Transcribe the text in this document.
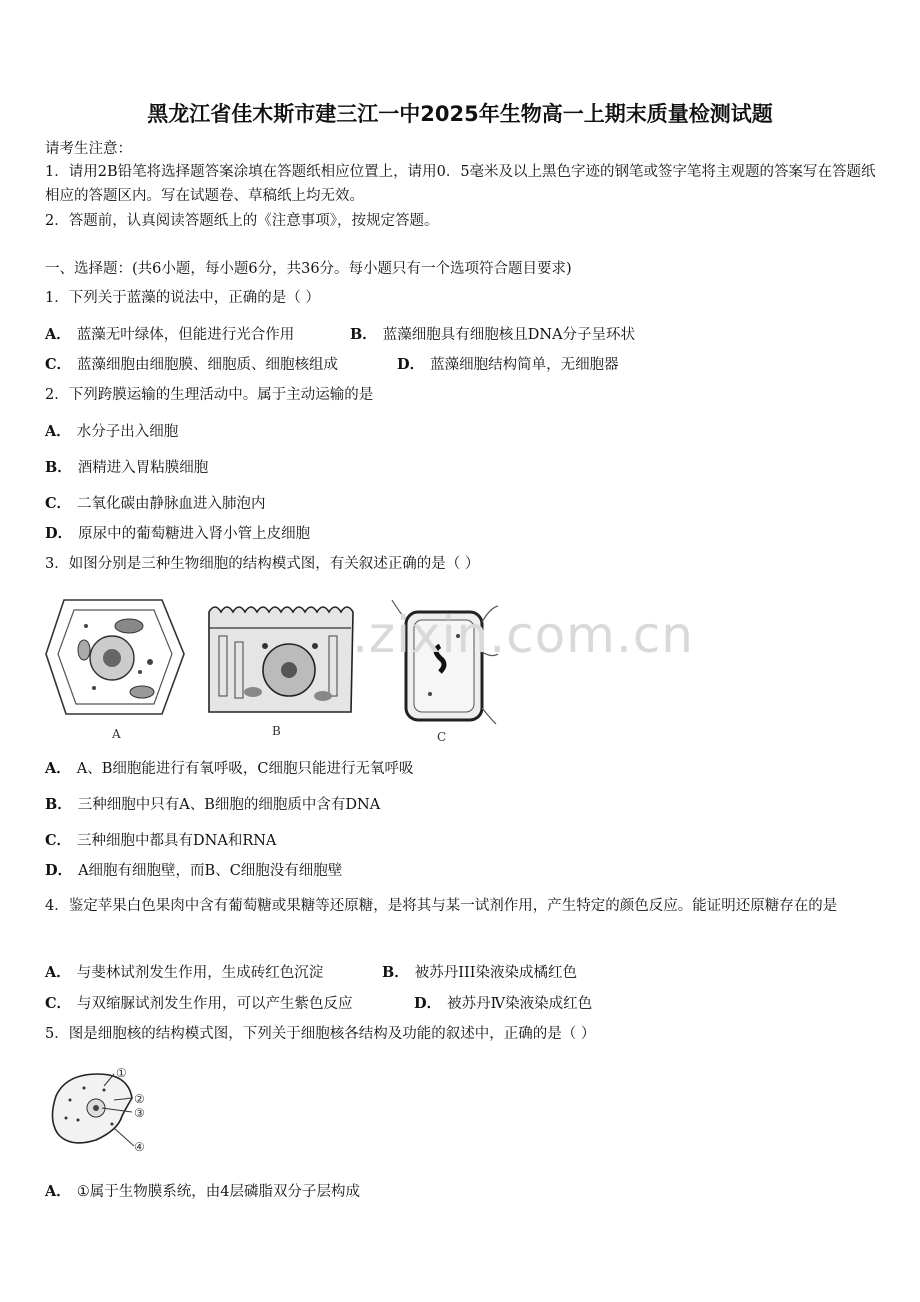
黑龙江省佳木斯市建三江一中2025年生物高一上期末质量检测试题
请考生注意：
1．请用2B铅笔将选择题答案涂填在答题纸相应位置上，请用0．5毫米及以上黑色字迹的钢笔或签字笔将主观题的答案写在答题纸相应的答题区内。写在试题卷、草稿纸上均无效。
2．答题前，认真阅读答题纸上的《注意事项》，按规定答题。
一、选择题：(共6小题，每小题6分，共36分。每小题只有一个选项符合题目要求)
1．下列关于蓝藻的说法中，正确的是（ ）
A． 蓝藻无叶绿体，但能进行光合作用	B． 蓝藻细胞具有细胞核且DNA分子呈环状
C． 蓝藻细胞由细胞膜、细胞质、细胞核组成	D． 蓝藻细胞结构简单，无细胞器
2．下列跨膜运输的生理活动中。属于主动运输的是
A． 水分子出入细胞
B． 酒精进入胃粘膜细胞
C． 二氧化碳由静脉血进入肺泡内
D． 原尿中的葡萄糖进入肾小管上皮细胞
3．如图分别是三种生物细胞的结构模式图，有关叙述正确的是（ ）
A	B	C
.zixin.com.cn
A． A、B细胞能进行有氧呼吸，C细胞只能进行无氧呼吸
B． 三种细胞中只有A、B细胞的细胞质中含有DNA
C． 三种细胞中都具有DNA和RNA
D． A细胞有细胞壁，而B、C细胞没有细胞壁
4．鉴定苹果白色果肉中含有葡萄糖或果糖等还原糖，是将其与某一试剂作用，产生特定的颜色反应。能证明还原糖存在的是
A． 与斐林试剂发生作用，生成砖红色沉淀	B． 被苏丹III染液染成橘红色
C． 与双缩脲试剂发生作用，可以产生紫色反应	D． 被苏丹Ⅳ染液染成红色
5．图是细胞核的结构模式图，下列关于细胞核各结构及功能的叙述中，正确的是（ ）
①
②
③
④
A． ①属于生物膜系统，由4层磷脂双分子层构成
